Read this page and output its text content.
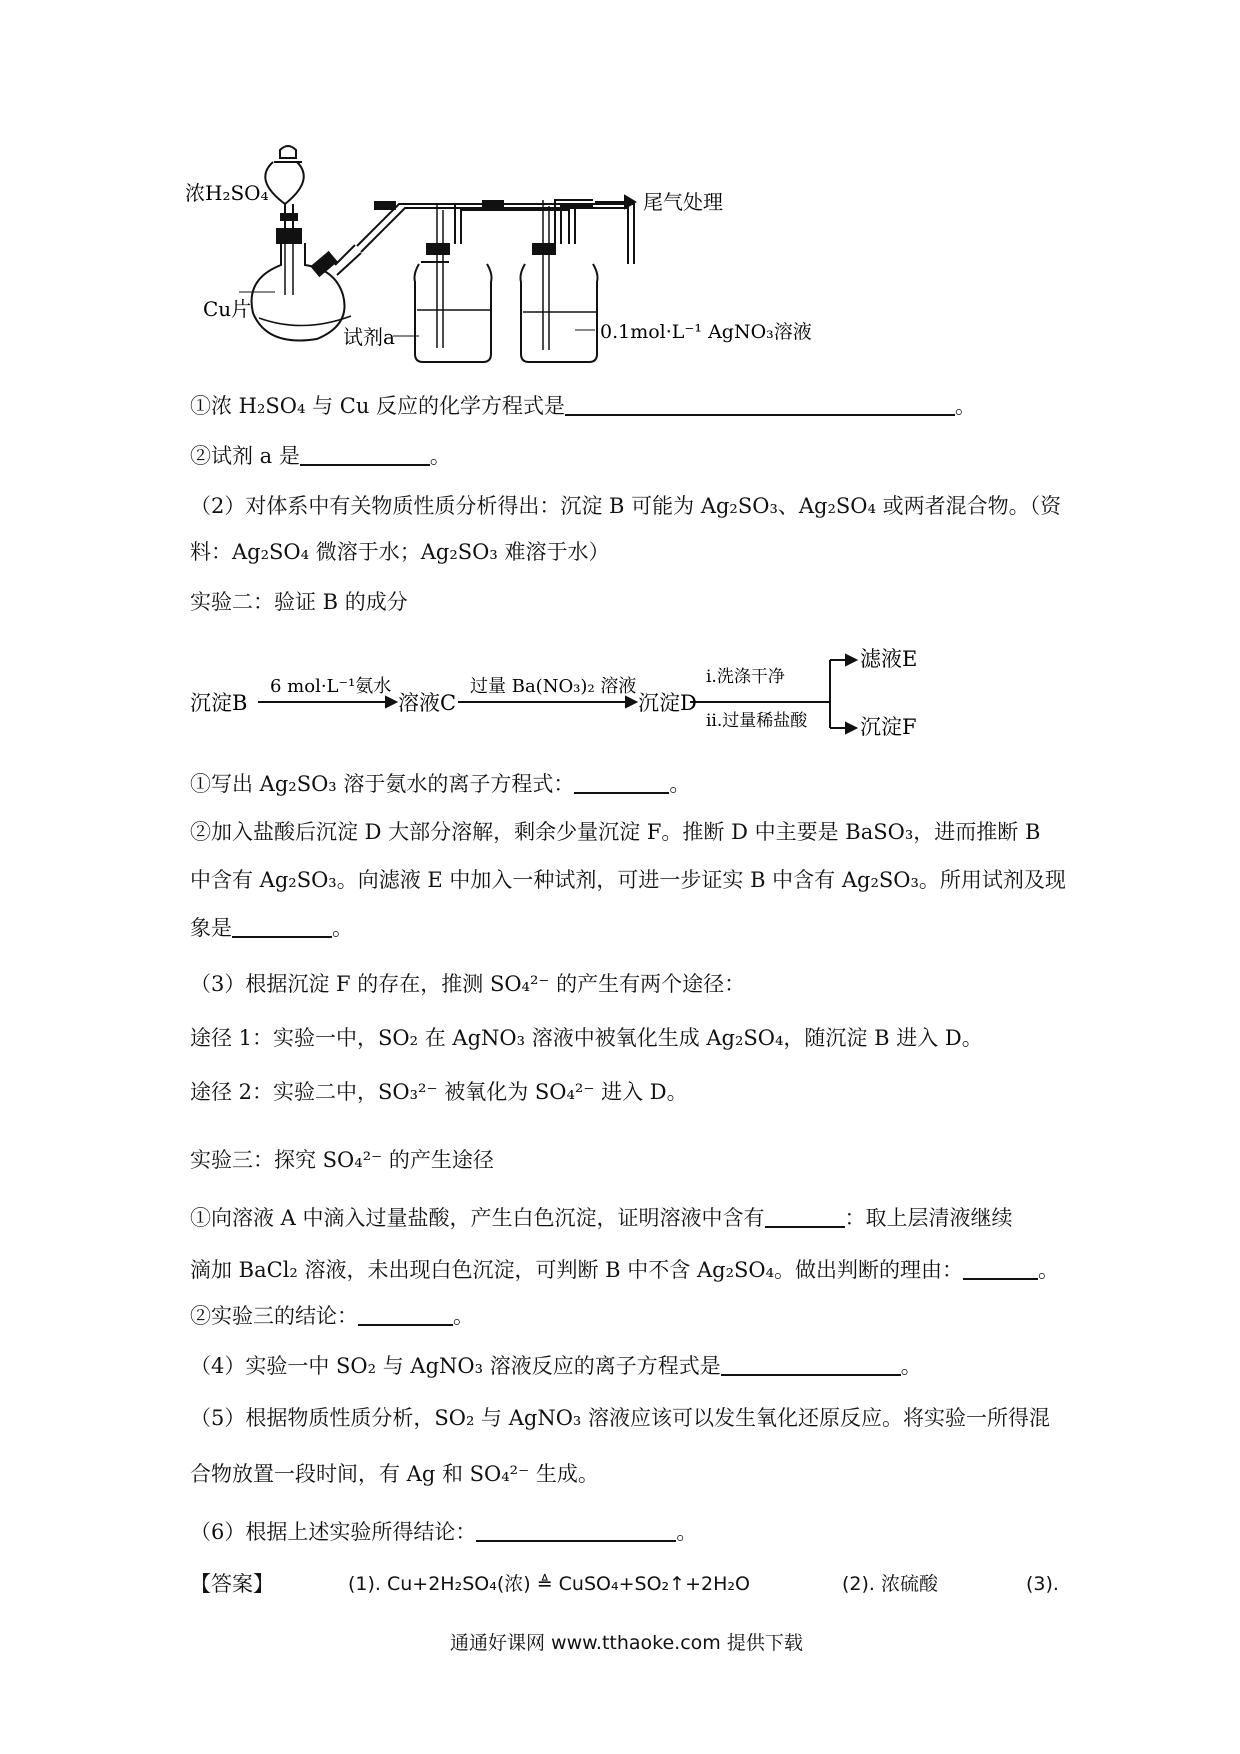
浓H₂SO₄
Cu片
试剂a
尾气处理
0.1mol·L⁻¹ AgNO₃溶液
①浓 H₂SO₄ 与 Cu 反应的化学方程式是	。
②试剂 a 是	。
（2）对体系中有关物质性质分析得出：沉淀 B 可能为 Ag₂SO₃、Ag₂SO₄ 或两者混合物。（资
料：Ag₂SO₄ 微溶于水；Ag₂SO₃ 难溶于水）
实验二：验证 B 的成分
沉淀B
6 mol·L⁻¹氨水
溶液C
过量 Ba(NO₃)₂ 溶液
沉淀D
i.洗涤干净
ii.过量稀盐酸
滤液E
沉淀F
①写出 Ag₂SO₃ 溶于氨水的离子方程式：	。
②加入盐酸后沉淀 D 大部分溶解，剩余少量沉淀 F。推断 D 中主要是 BaSO₃，进而推断 B
中含有 Ag₂SO₃。向滤液 E 中加入一种试剂，可进一步证实 B 中含有 Ag₂SO₃。所用试剂及现
象是	。
（3）根据沉淀 F 的存在，推测 SO₄²⁻ 的产生有两个途径：
途径 1：实验一中，SO₂ 在 AgNO₃ 溶液中被氧化生成 Ag₂SO₄，随沉淀 B 进入 D。
途径 2：实验二中，SO₃²⁻ 被氧化为 SO₄²⁻ 进入 D。
实验三：探究 SO₄²⁻ 的产生途径
①向溶液 A 中滴入过量盐酸，产生白色沉淀，证明溶液中含有	：取上层清液继续
滴加 BaCl₂ 溶液，未出现白色沉淀，可判断 B 中不含 Ag₂SO₄。做出判断的理由：	。
②实验三的结论：	。
（4）实验一中 SO₂ 与 AgNO₃ 溶液反应的离子方程式是	。
（5）根据物质性质分析，SO₂ 与 AgNO₃ 溶液应该可以发生氧化还原反应。将实验一所得混
合物放置一段时间，有 Ag 和 SO₄²⁻ 生成。
（6）根据上述实验所得结论：	。
【答案】	(1). Cu+2H₂SO₄(浓) ≜ CuSO₄+SO₂↑+2H₂O	(2). 浓硫酸	(3).
通通好课网 www.tthaoke.com 提供下载
